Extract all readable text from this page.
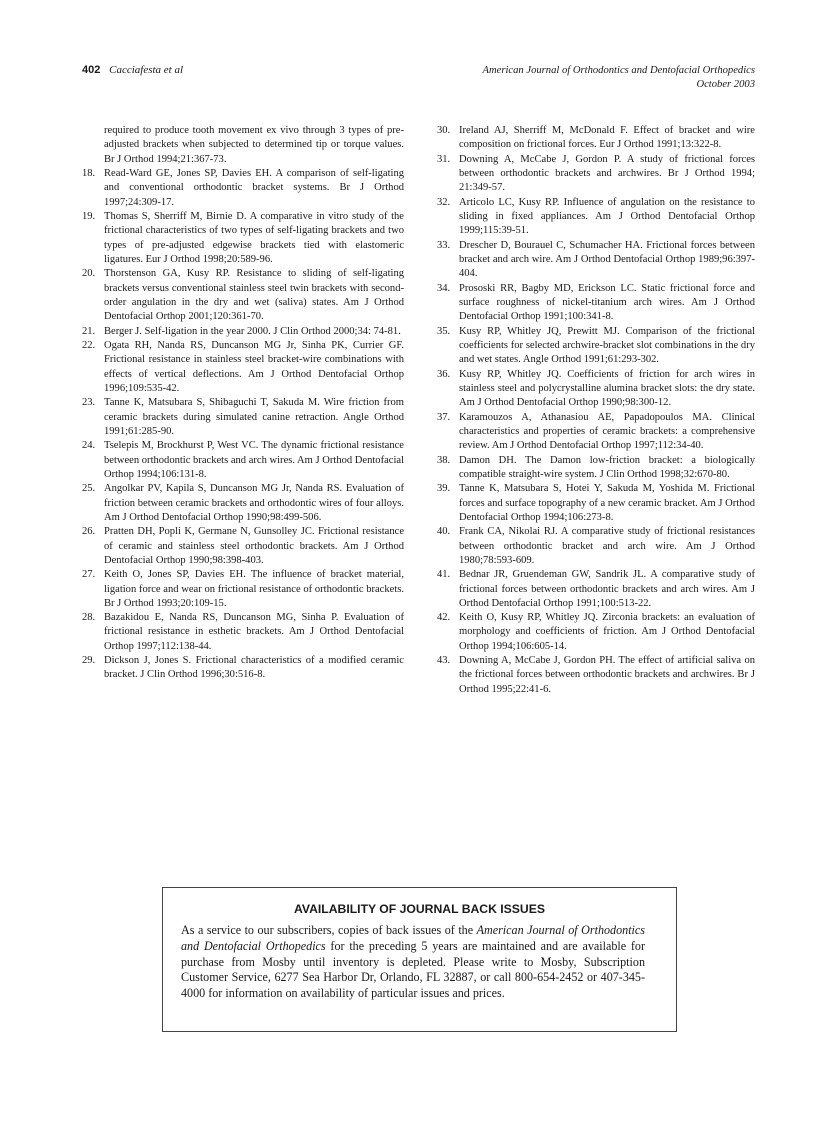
402 Cacciafesta et al	American Journal of Orthodontics and Dentofacial Orthopedics
October 2003
required to produce tooth movement ex vivo through 3 types of pre-adjusted brackets when subjected to determined tip or torque values. Br J Orthod 1994;21:367-73.
18. Read-Ward GE, Jones SP, Davies EH. A comparison of self-ligating and conventional orthodontic bracket systems. Br J Orthod 1997;24:309-17.
19. Thomas S, Sherriff M, Birnie D. A comparative in vitro study of the frictional characteristics of two types of self-ligating brackets and two types of pre-adjusted edgewise brackets tied with elastomeric ligatures. Eur J Orthod 1998;20:589-96.
20. Thorstenson GA, Kusy RP. Resistance to sliding of self-ligating brackets versus conventional stainless steel twin brackets with second-order angulation in the dry and wet (saliva) states. Am J Orthod Dentofacial Orthop 2001;120:361-70.
21. Berger J. Self-ligation in the year 2000. J Clin Orthod 2000;34: 74-81.
22. Ogata RH, Nanda RS, Duncanson MG Jr, Sinha PK, Currier GF. Frictional resistance in stainless steel bracket-wire combinations with effects of vertical deflections. Am J Orthod Dentofacial Orthop 1996;109:535-42.
23. Tanne K, Matsubara S, Shibaguchi T, Sakuda M. Wire friction from ceramic brackets during simulated canine retraction. Angle Orthod 1991;61:285-90.
24. Tselepis M, Brockhurst P, West VC. The dynamic frictional resistance between orthodontic brackets and arch wires. Am J Orthod Dentofacial Orthop 1994;106:131-8.
25. Angolkar PV, Kapila S, Duncanson MG Jr, Nanda RS. Evaluation of friction between ceramic brackets and orthodontic wires of four alloys. Am J Orthod Dentofacial Orthop 1990;98:499-506.
26. Pratten DH, Popli K, Germane N, Gunsolley JC. Frictional resistance of ceramic and stainless steel orthodontic brackets. Am J Orthod Dentofacial Orthop 1990;98:398-403.
27. Keith O, Jones SP, Davies EH. The influence of bracket material, ligation force and wear on frictional resistance of orthodontic brackets. Br J Orthod 1993;20:109-15.
28. Bazakidou E, Nanda RS, Duncanson MG, Sinha P. Evaluation of frictional resistance in esthetic brackets. Am J Orthod Dentofacial Orthop 1997;112:138-44.
29. Dickson J, Jones S. Frictional characteristics of a modified ceramic bracket. J Clin Orthod 1996;30:516-8.
30. Ireland AJ, Sherriff M, McDonald F. Effect of bracket and wire composition on frictional forces. Eur J Orthod 1991;13:322-8.
31. Downing A, McCabe J, Gordon P. A study of frictional forces between orthodontic brackets and archwires. Br J Orthod 1994; 21:349-57.
32. Articolo LC, Kusy RP. Influence of angulation on the resistance to sliding in fixed appliances. Am J Orthod Dentofacial Orthop 1999;115:39-51.
33. Drescher D, Bourauel C, Schumacher HA. Frictional forces between bracket and arch wire. Am J Orthod Dentofacial Orthop 1989;96:397-404.
34. Prososki RR, Bagby MD, Erickson LC. Static frictional force and surface roughness of nickel-titanium arch wires. Am J Orthod Dentofacial Orthop 1991;100:341-8.
35. Kusy RP, Whitley JQ, Prewitt MJ. Comparison of the frictional coefficients for selected archwire-bracket slot combinations in the dry and wet states. Angle Orthod 1991;61:293-302.
36. Kusy RP, Whitley JQ. Coefficients of friction for arch wires in stainless steel and polycrystalline alumina bracket slots: the dry state. Am J Orthod Dentofacial Orthop 1990;98:300-12.
37. Karamouzos A, Athanasiou AE, Papadopoulos MA. Clinical characteristics and properties of ceramic brackets: a comprehensive review. Am J Orthod Dentofacial Orthop 1997;112:34-40.
38. Damon DH. The Damon low-friction bracket: a biologically compatible straight-wire system. J Clin Orthod 1998;32:670-80.
39. Tanne K, Matsubara S, Hotei Y, Sakuda M, Yoshida M. Frictional forces and surface topography of a new ceramic bracket. Am J Orthod Dentofacial Orthop 1994;106:273-8.
40. Frank CA, Nikolai RJ. A comparative study of frictional resistances between orthodontic bracket and arch wire. Am J Orthod 1980;78:593-609.
41. Bednar JR, Gruendeman GW, Sandrik JL. A comparative study of frictional forces between orthodontic brackets and arch wires. Am J Orthod Dentofacial Orthop 1991;100:513-22.
42. Keith O, Kusy RP, Whitley JQ. Zirconia brackets: an evaluation of morphology and coefficients of friction. Am J Orthod Dentofacial Orthop 1994;106:605-14.
43. Downing A, McCabe J, Gordon PH. The effect of artificial saliva on the frictional forces between orthodontic brackets and archwires. Br J Orthod 1995;22:41-6.
AVAILABILITY OF JOURNAL BACK ISSUES
As a service to our subscribers, copies of back issues of the American Journal of Orthodontics and Dentofacial Orthopedics for the preceding 5 years are maintained and are available for purchase from Mosby until inventory is depleted. Please write to Mosby, Subscription Customer Service, 6277 Sea Harbor Dr, Orlando, FL 32887, or call 800-654-2452 or 407-345-4000 for information on availability of particular issues and prices.
